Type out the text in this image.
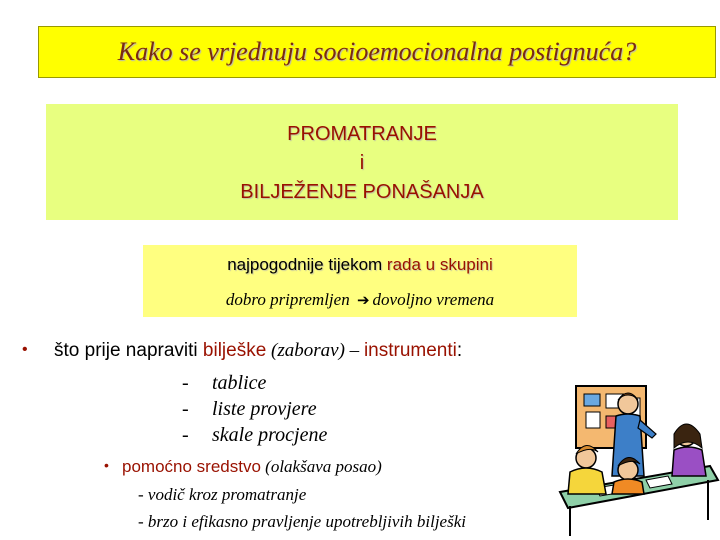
Kako se vrjednuju socioemocionalna postignuća?
PROMATRANJE
i
BILJEŽENJE PONAŠANJA
najpogodnije tijekom rada u skupini
dobro pripremljen ➔ dovoljno vremena
• što prije napraviti bilješke (zaborav) – instrumenti:
- tablice
- liste provjere
- skale procjene
• pomoćno sredstvo (olakšava posao)
- vodič kroz promatranje
- brzo i efikasno pravljenje upotrebljivih bilješki
